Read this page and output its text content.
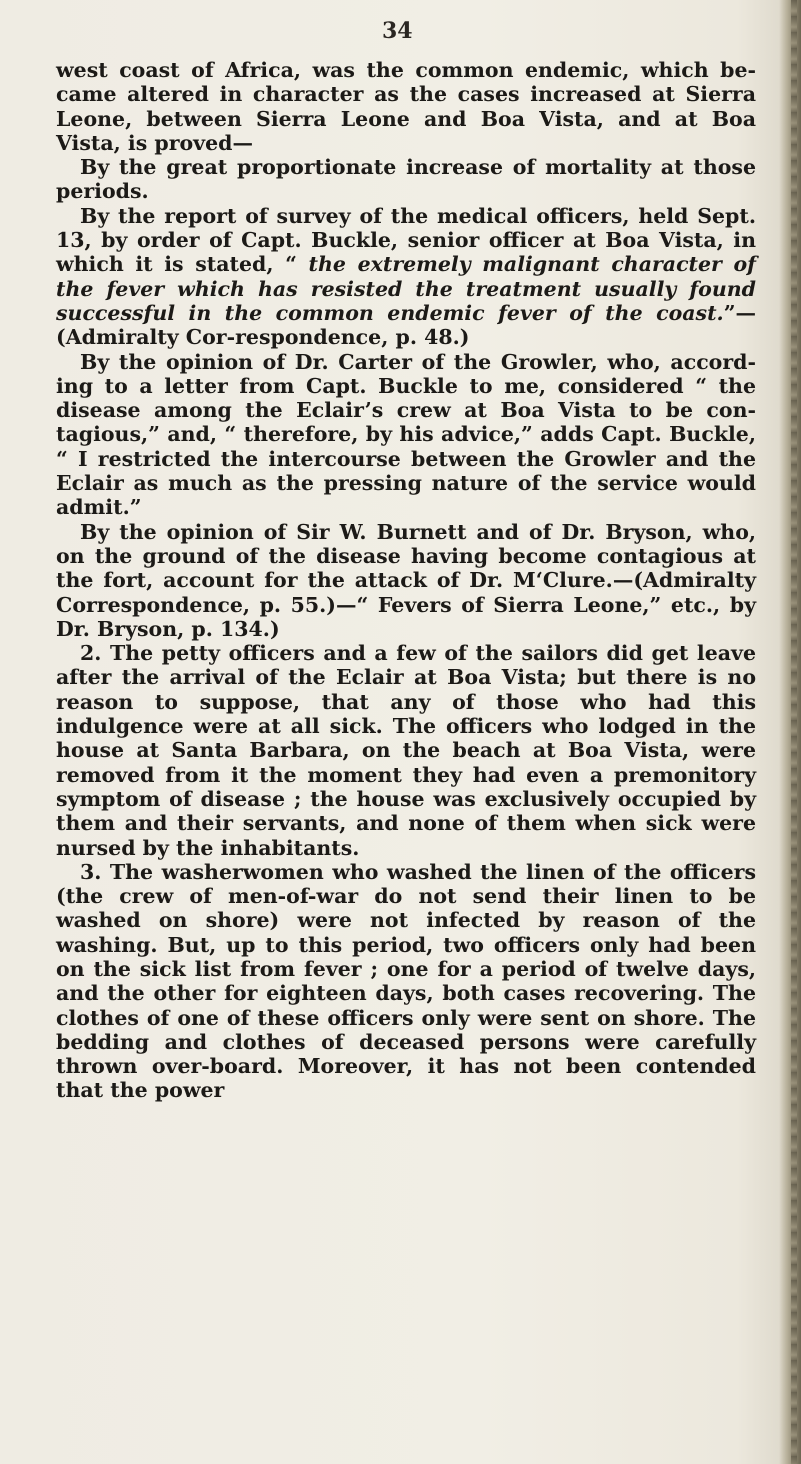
34

west coast of Africa, was the common endemic, which be-came altered in character as the cases increased at Sierra Leone, between Sierra Leone and Boa Vista, and at Boa Vista, is proved—

By the great proportionate increase of mortality at those periods.

By the report of survey of the medical officers, held Sept. 13, by order of Capt. Buckle, senior officer at Boa Vista, in which it is stated, “ the extremely malignant character of the fever which has resisted the treatment usually found successful in the common endemic fever of the coast.”—(Admiralty Cor-respondence, p. 48.)

By the opinion of Dr. Carter of the Growler, who, accord-ing to a letter from Capt. Buckle to me, considered “ the disease among the Eclair’s crew at Boa Vista to be con-tagious,” and, “ therefore, by his advice,” adds Capt. Buckle, “ I restricted the intercourse between the Growler and the Eclair as much as the pressing nature of the service would admit.”

By the opinion of Sir W. Burnett and of Dr. Bryson, who, on the ground of the disease having become contagious at the fort, account for the attack of Dr. M‘Clure.—(Admiralty Correspondence, p. 55.)—“ Fevers of Sierra Leone,” etc., by Dr. Bryson, p. 134.)

2. The petty officers and a few of the sailors did get leave after the arrival of the Eclair at Boa Vista; but there is no reason to suppose, that any of those who had this indulgence were at all sick. The officers who lodged in the house at Santa Barbara, on the beach at Boa Vista, were removed from it the moment they had even a premonitory symptom of disease ; the house was exclusively occupied by them and their servants, and none of them when sick were nursed by the inhabitants.

3. The washerwomen who washed the linen of the officers (the crew of men-of-war do not send their linen to be washed on shore) were not infected by reason of the washing. But, up to this period, two officers only had been on the sick list from fever ; one for a period of twelve days, and the other for eighteen days, both cases recovering. The clothes of one of these officers only were sent on shore. The bedding and clothes of deceased persons were carefully thrown over-board. Moreover, it has not been contended that the power
